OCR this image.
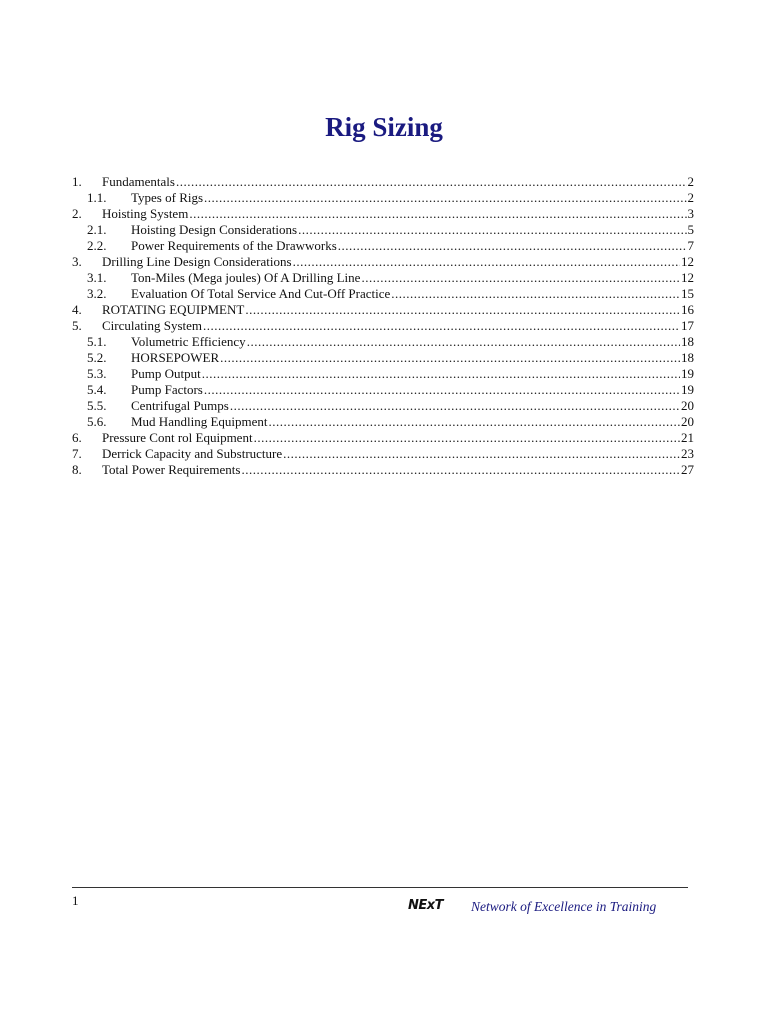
Rig Sizing
1.	Fundamentals .....	2
1.1.	Types of Rigs .....	2
2.	Hoisting System .....	3
2.1.	Hoisting Design Considerations .....	5
2.2.	Power Requirements of the Drawworks .....	7
3.	Drilling Line Design Considerations .....	12
3.1.	Ton-Miles (Mega joules) Of A Drilling Line .....	12
3.2.	Evaluation Of Total Service And Cut-Off Practice .....	15
4.	ROTATING EQUIPMENT .....	16
5.	Circulating System .....	17
5.1.	Volumetric Efficiency .....	18
5.2.	HORSEPOWER .....	18
5.3.	Pump Output .....	19
5.4.	Pump Factors .....	19
5.5.	Centrifugal Pumps .....	20
5.6.	Mud Handling Equipment .....	20
6.	Pressure Cont rol Equipment .....	21
7.	Derrick Capacity and Substructure .....	23
8.	Total Power Requirements .....	27
1	NExT Network of Excellence in Training
